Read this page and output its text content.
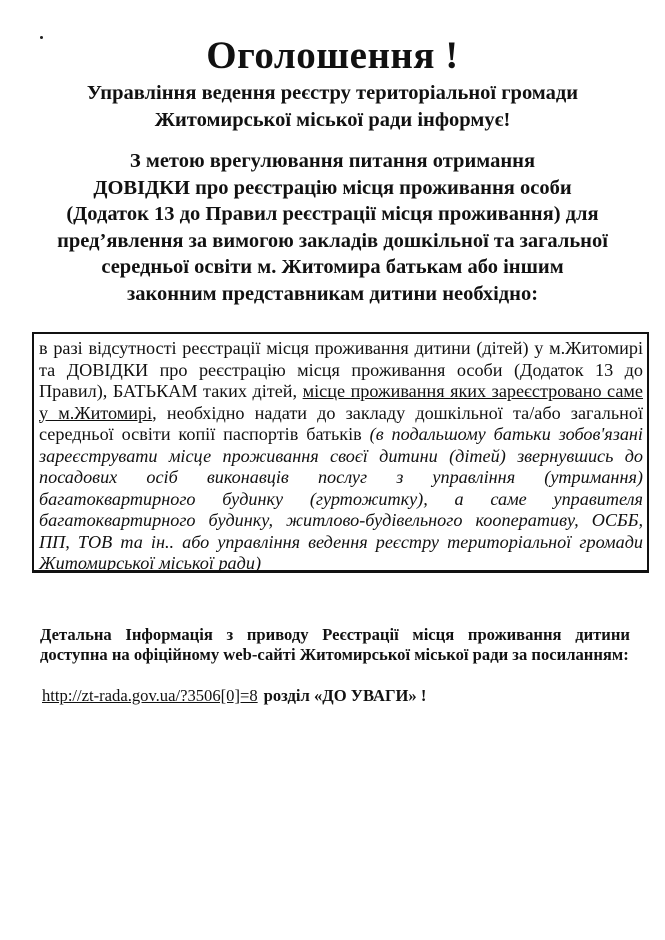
Оголошення !
Управління ведення реєстру територіальної громади
Житомирської міської ради інформує!
З метою врегулювання питання отримання
ДОВІДКИ про реєстрацію місця проживання особи
(Додаток 13 до Правил реєстрації місця проживання) для
пред’явлення за вимогою закладів дошкільної та загальної
середньої освіти м. Житомира батькам або іншим
законним представникам дитини необхідно:
в разі відсутності реєстрації місця проживання дитини (дітей) у м.Житомирі та ДОВІДКИ про реєстрацію місця проживання особи (Додаток 13 до Правил), БАТЬКАМ таких дітей, місце проживання яких зареєстровано саме у м.Житомирі, необхідно надати до закладу дошкільної та/або загальної середньої освіти копії паспортів батьків (в подальшому батьки зобов'язані зареєструвати місце проживання своєї дитини (дітей) звернувшись до посадових осіб виконавців послуг з управління (утримання) багатоквартирного будинку (гуртожитку), а саме управителя багатоквартирного будинку, житлово-будівельного кооперативу, ОСББ, ПП, ТОВ та ін.. або управління ведення реєстру територіальної громади Житомирської міської ради)
Детальна Інформація з приводу Реєстрації місця проживання дитини доступна на офіційному web-сайті Житомирської міської ради за посиланням:
http://zt-rada.gov.ua/?3506[0]=8 розділ «ДО УВАГИ» !
